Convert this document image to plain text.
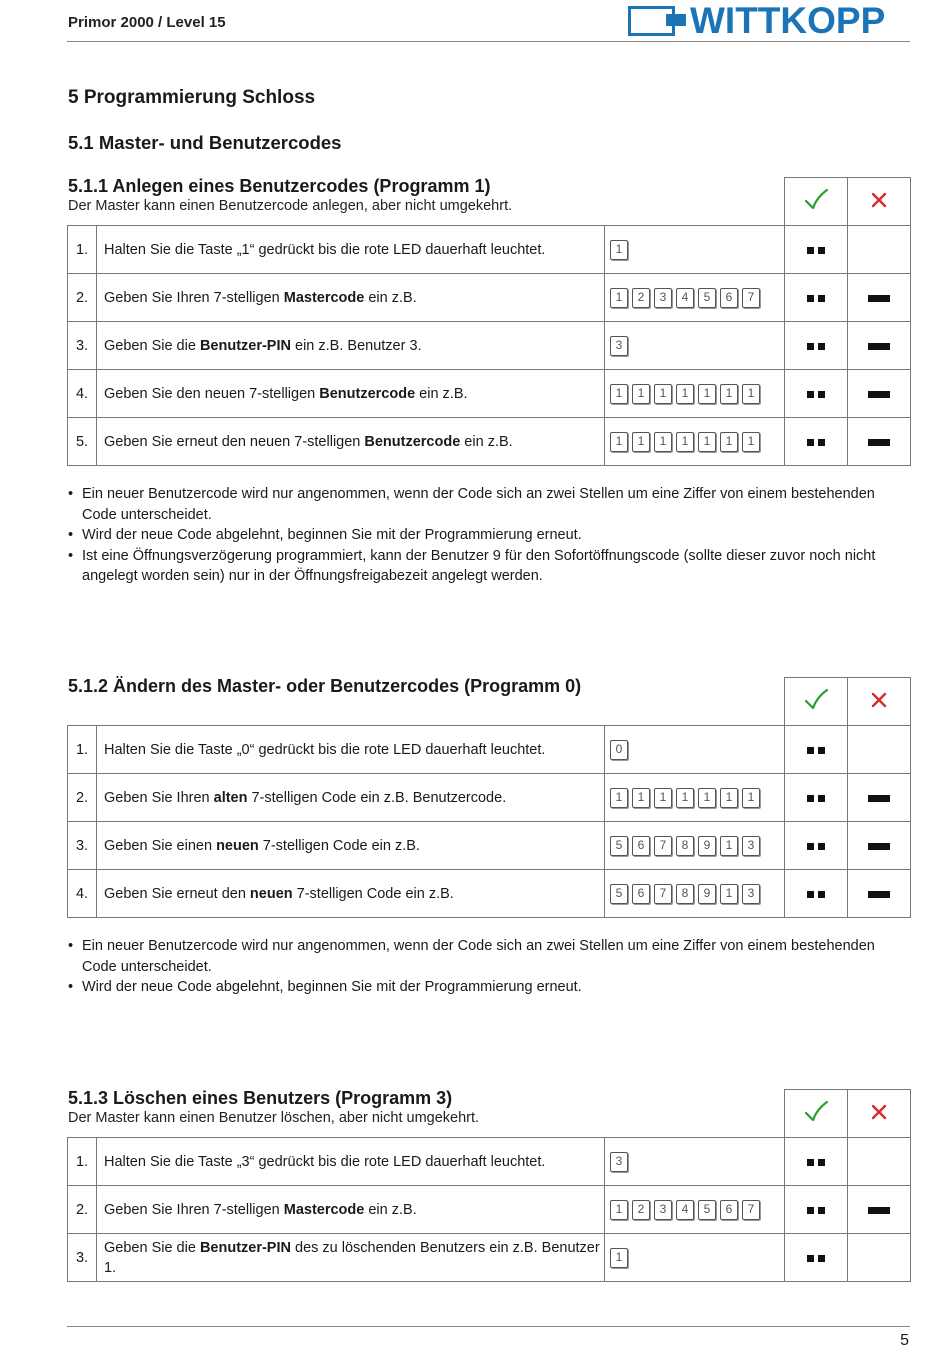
Primor 2000 / Level 15	WITTKOPP
5 Programmierung Schloss
5.1 Master- und Benutzercodes
5.1.1 Anlegen eines Benutzercodes (Programm 1)
Der Master kann einen Benutzercode anlegen, aber nicht umgekehrt.

1.	Halten Sie die Taste „1“ gedrückt bis die rote LED dauerhaft leuchtet.	1		
2.	Geben Sie Ihren 7-stelligen Mastercode ein z.B.	1 2 3 4 5 6 7		
3.	Geben Sie die Benutzer-PIN ein z.B. Benutzer 3.	3		
4.	Geben Sie den neuen 7-stelligen Benutzercode ein z.B.	1 1 1 1 1 1 1		
5.	Geben Sie erneut den neuen 7-stelligen Benutzercode ein z.B.	1 1 1 1 1 1 1		
• Ein neuer Benutzercode wird nur angenommen, wenn der Code sich an zwei Stellen um eine Ziffer von einem bestehenden Code unterscheidet.
• Wird der neue Code abgelehnt, beginnen Sie mit der Programmierung erneut.
• Ist eine Öffnungsverzögerung programmiert, kann der Benutzer 9 für den Sofortöffnungscode (sollte dieser zuvor noch nicht angelegt worden sein) nur in der Öffnungsfreigabezeit angelegt werden.
5.1.2 Ändern des Master- oder Benutzercodes (Programm 0)

1.	Halten Sie die Taste „0“ gedrückt bis die rote LED dauerhaft leuchtet.	0		
2.	Geben Sie Ihren alten 7-stelligen Code ein z.B. Benutzercode.	1 1 1 1 1 1 1		
3.	Geben Sie einen neuen 7-stelligen Code ein z.B.	5 6 7 8 9 1 3		
4.	Geben Sie erneut den neuen 7-stelligen Code ein z.B.	5 6 7 8 9 1 3		
• Ein neuer Benutzercode wird nur angenommen, wenn der Code sich an zwei Stellen um eine Ziffer von einem bestehenden Code unterscheidet.
• Wird der neue Code abgelehnt, beginnen Sie mit der Programmierung erneut.
5.1.3 Löschen eines Benutzers (Programm 3)
Der Master kann einen Benutzer löschen, aber nicht umgekehrt.

1.	Halten Sie die Taste „3“ gedrückt bis die rote LED dauerhaft leuchtet.	3		
2.	Geben Sie Ihren 7-stelligen Mastercode ein z.B.	1 2 3 4 5 6 7		
3.	Geben Sie die Benutzer-PIN des zu löschenden Benutzers ein z.B. Benutzer 1.	1		
5
